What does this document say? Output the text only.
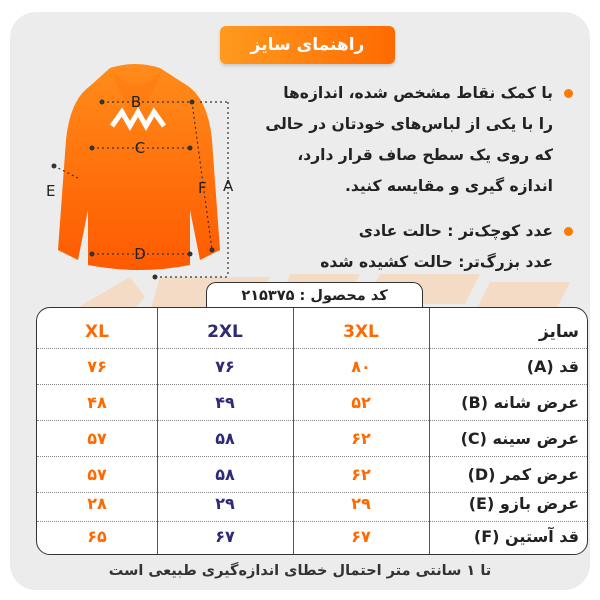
راهنمای سایز
B
C
D
E	F A
با کمک نقاط مشخص شده، اندازه‌ها
را با یکی از لباس‌های خودتان در حالی
که روی یک سطح صاف قرار دارد،
اندازه گیری و مقایسه کنید.
عدد کوچک‌تر : حالت عادی
عدد بزرگ‌تر: حالت کشیده شده
کد محصول : ۲۱۵۳۷۵
سایز
3XL
2XL
XL
قد (A)
۸۰
۷۶
۷۶
عرض شانه (B)
۵۲
۴۹
۴۸
عرض سینه (C)
۶۲
۵۸
۵۷
عرض کمر (D)
۶۲
۵۸
۵۷
عرض بازو (E)
۲۹
۲۹
۲۸
قد آستین (F)
۶۷
۶۷
۶۵
تا ۱ سانتی متر احتمال خطای اندازه‌گیری طبیعی است
